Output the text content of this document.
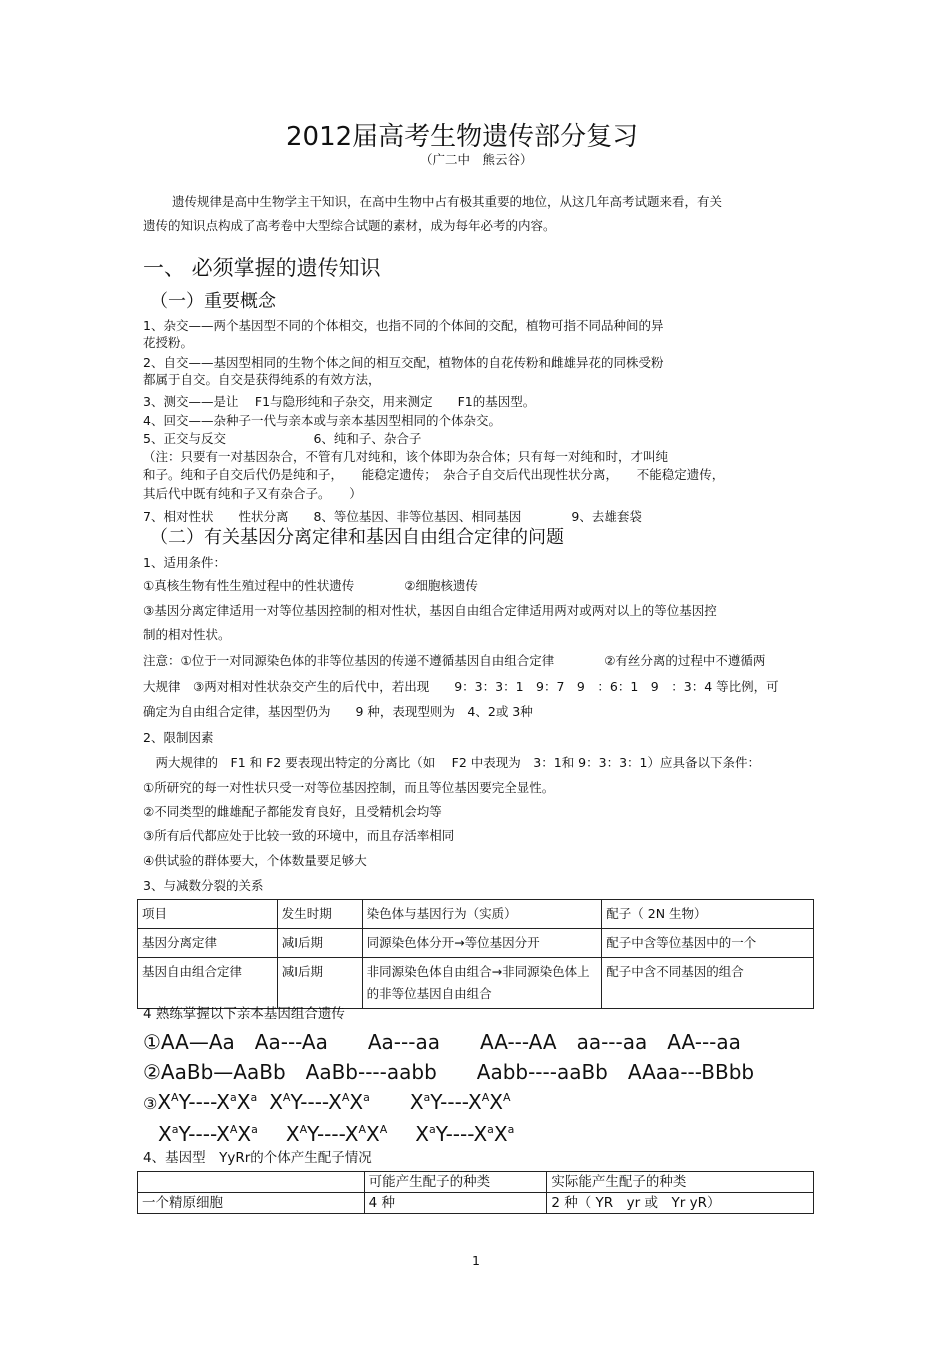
2012届高考生物遗传部分复习
（广二中　熊云谷）
遗传规律是高中生物学主干知识，在高中生物中占有极其重要的地位，从这几年高考试题来看，有关
遗传的知识点构成了高考卷中大型综合试题的素材，成为每年必考的内容。
一、 必须掌握的遗传知识
（一）重要概念
1、杂交——两个基因型不同的个体相交，也指不同的个体间的交配，植物可指不同品种间的异
花授粉。
2、自交——基因型相同的生物个体之间的相互交配，植物体的自花传粉和雌雄异花的同株受粉
都属于自交。自交是获得纯系的有效方法，
3、测交——是让　 F1与隐形纯和子杂交，用来测定　　F1的基因型。
4、回交——杂种子一代与亲本或与亲本基因型相同的个体杂交。
5、正交与反交　　　　　　　6、纯和子、杂合子
（注：只要有一对基因杂合，不管有几对纯和，该个体即为杂合体；只有每一对纯和时，才叫纯
和子。纯和子自交后代仍是纯和子，　　能稳定遗传；　杂合子自交后代出现性状分离，　　不能稳定遗传，
其后代中既有纯和子又有杂合子。　　）
7、相对性状　　性状分离　　8、等位基因、非等位基因、相同基因　　　　9、去雄套袋
（二）有关基因分离定律和基因自由组合定律的问题
1、适用条件：
①真核生物有性生殖过程中的性状遗传　　　　②细胞核遗传
③基因分离定律适用一对等位基因控制的相对性状，基因自由组合定律适用两对或两对以上的等位基因控
制的相对性状。
注意：①位于一对同源染色体的非等位基因的传递不遵循基因自由组合定律　　　　②有丝分离的过程中不遵循两
大规律　③两对相对性状杂交产生的后代中，若出现　　9：3：3：1　9：7　9　：6：1　9　：3：4 等比例，可
确定为自由组合定律，基因型仍为　　9 种，表现型则为　4、2或 3种
2、限制因素
　两大规律的　F1 和 F2 要表现出特定的分离比（如　 F2 中表现为　3：1和 9：3：3：1）应具备以下条件：
①所研究的每一对性状只受一对等位基因控制，而且等位基因要完全显性。
②不同类型的雌雄配子都能发育良好，且受精机会均等
③所有后代都应处于比较一致的环境中，而且存活率相同
④供试验的群体要大，个体数量要足够大
3、与减数分裂的关系
项目	发生时期	染色体与基因行为（实质）	配子（ 2N 生物）
基因分离定律	减Ⅰ后期	同源染色体分开→等位基因分开	配子中含等位基因中的一个
基因自由组合定律	减Ⅰ后期	非同源染色体自由组合→非同源染色体上的非等位基因自由组合	配子中含不同基因的组合
4 熟练掌握以下亲本基因组合遗传
①AA—Aa　Aa---Aa　　Aa---aa　　AA---AA　aa---aa　AA---aa
②AaBb—AaBb　AaBb----aabb　　Aabb----aaBb　AAaa---BBbb
$③X^AY----X^aX^a$ $X^AY----X^AX^a$ $X^aY----X^AX^A$
$X^aY----X^AX^a$ $X^AY----X^AX^A$ $X^aY----X^aX^a$
4、基因型　YyRr的个体产生配子情况
	可能产生配子的种类	实际能产生配子的种类
一个精原细胞	4 种	2 种（ YR　yr 或　Yr yR）
1
